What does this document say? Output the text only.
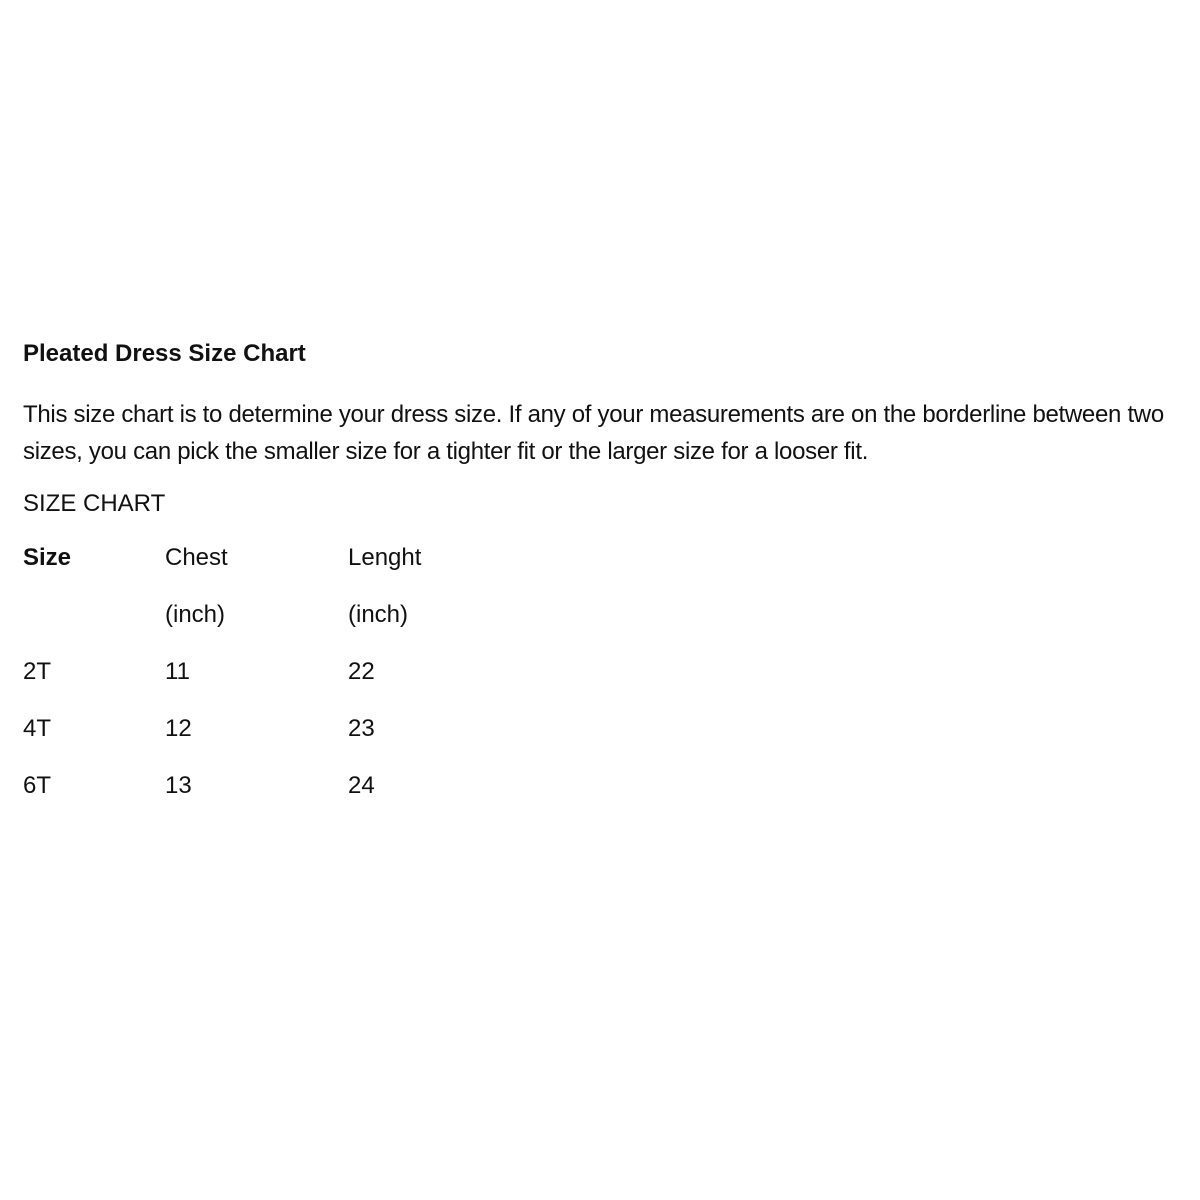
Pleated Dress Size Chart

This size chart is to determine your dress size. If any of your measurements are on the borderline between two sizes, you can pick the smaller size for a tighter fit or the larger size for a looser fit.

SIZE CHART
Size	Chest	Lenght
	(inch)	(inch)
2T	11	22
4T	12	23
6T	13	24
